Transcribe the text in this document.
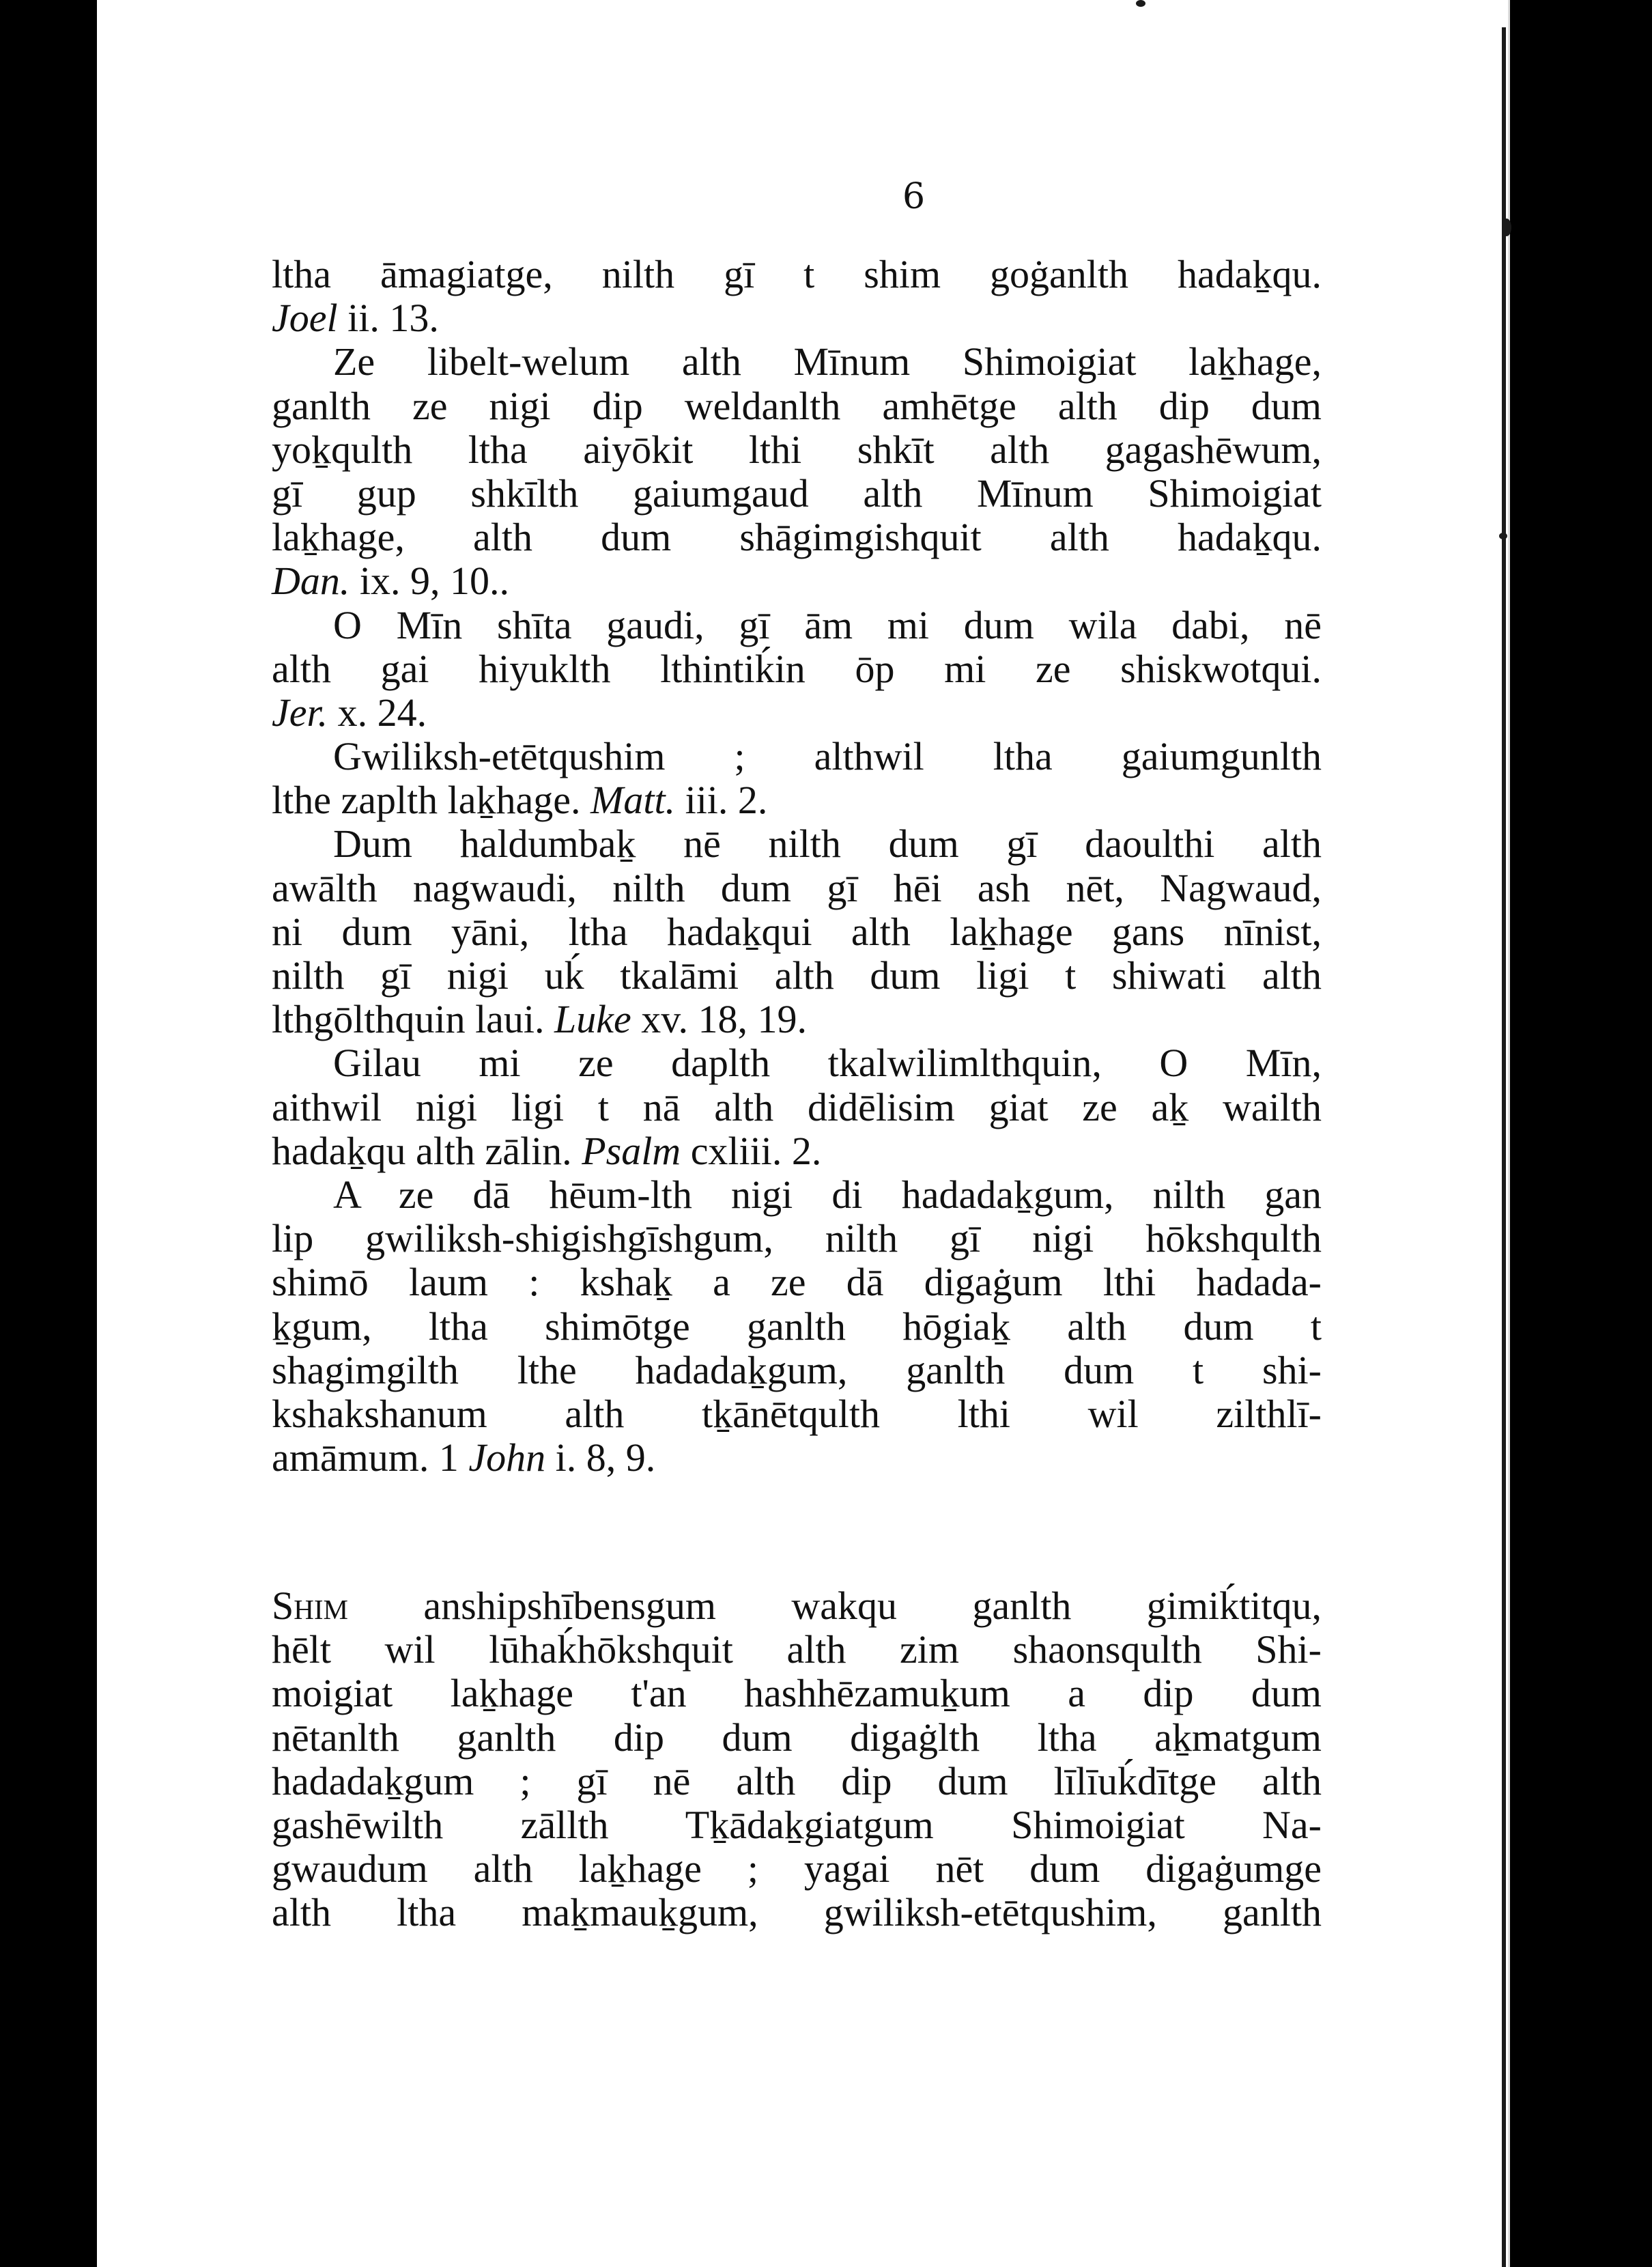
6
ltha āmagiatge, nilth gī t shim goġanlth hadaḵqu.
Joel ii. 13.
Ze libelt-welum alth Mīnum Shimoigiat laḵhage,
ganlth ze nigi dip weldanlth amhētge alth dip dum
yoḵqulth ltha aiyōkit lthi shkīt alth gagashēwum,
gī gup shkīlth gaiumgaud alth Mīnum Shimoigiat
laḵhage, alth dum shāgimgishquit alth hadaḵqu.
Dan. ix. 9, 10..
O Mīn shīta gaudi, gī ām mi dum wila dabi, nē
alth gai hiyuklth lthintiḱin ōp mi ze shiskwotqui.
Jer. x. 24.
Gwiliksh-etētqushim ; althwil ltha gaiumgunlth
lthe zaplth laḵhage. Matt. iii. 2.
Dum haldumbaḵ nē nilth dum gī daoulthi alth
awālth nagwaudi, nilth dum gī hēi ash nēt, Nagwaud,
ni dum yāni, ltha hadaḵqui alth laḵhage gans nīnist,
nilth gī nigi uḱ tkalāmi alth dum ligi t shiwati alth
lthgōlthquin laui. Luke xv. 18, 19.
Gilau mi ze daplth tkalwilimlthquin, O Mīn,
aithwil nigi ligi t nā alth didēlisim giat ze aḵ wailth
hadaḵqu alth zālin. Psalm cxliii. 2.
A ze dā hēum-lth nigi di hadadaḵgum, nilth gan
lip gwiliksh-shigishgīshgum, nilth gī nigi hōkshqulth
shimō laum : kshaḵ a ze dā digaġum lthi hadada-
ḵgum, ltha shimōtge ganlth hōgiaḵ alth dum t
shagimgilth lthe hadadaḵgum, ganlth dum t shi-
kshakshanum alth tḵānētqulth lthi wil zilthlī-
amāmum. 1 John i. 8, 9.
Shim anshipshībensgum wakqu ganlth gimiḱtitqu,
hēlt wil lūhaḱhōkshquit alth zim shaonsqulth Shi-
moigiat laḵhage t'an hashhēzamuḵum a dip dum
nētanlth ganlth dip dum digaġlth ltha aḵmatgum
hadadaḵgum ; gī nē alth dip dum līlīuḱdītge alth
gashēwilth zāllth Tḵādaḵgiatgum Shimoigiat Na-
gwaudum alth laḵhage ; yagai nēt dum digaġumge
alth ltha maḵmauḵgum, gwiliksh-etētqushim, ganlth
